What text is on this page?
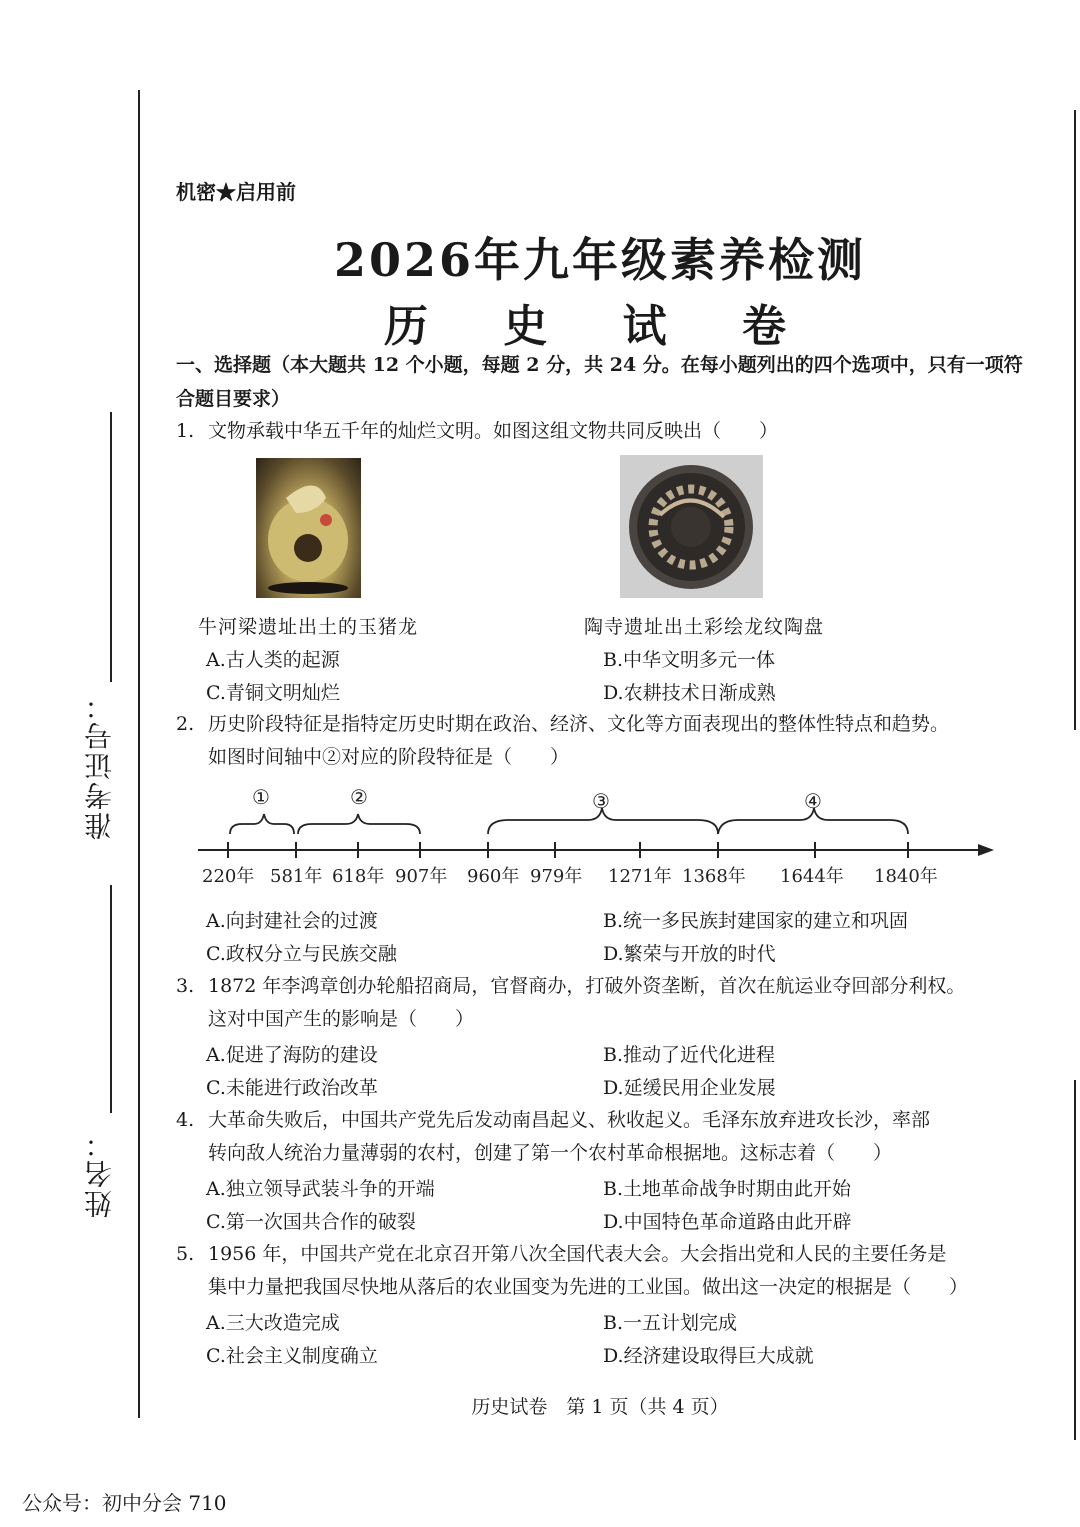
准考证号：
姓名：
机密★启用前
2026年九年级素养检测
历 史 试 卷
一、选择题（本大题共 12 个小题，每题 2 分，共 24 分。在每小题列出的四个选项中，只有一项符合题目要求）
1. 文物承载中华五千年的灿烂文明。如图这组文物共同反映出（　　）
牛河梁遗址出土的玉猪龙	陶寺遗址出土彩绘龙纹陶盘
A.古人类的起源	B.中华文明多元一体
C.青铜文明灿烂	D.农耕技术日渐成熟
2. 历史阶段特征是指特定历史时期在政治、经济、文化等方面表现出的整体性特点和趋势。
如图时间轴中②对应的阶段特征是（　　）
①	②	③	④
220年 581年 618年 907年 960年 979年 1271年 1368年 1644年 1840年
A.向封建社会的过渡	B.统一多民族封建国家的建立和巩固
C.政权分立与民族交融	D.繁荣与开放的时代
3. 1872 年李鸿章创办轮船招商局，官督商办，打破外资垄断，首次在航运业夺回部分利权。
这对中国产生的影响是（　　）
A.促进了海防的建设	B.推动了近代化进程
C.未能进行政治改革	D.延缓民用企业发展
4. 大革命失败后，中国共产党先后发动南昌起义、秋收起义。毛泽东放弃进攻长沙，率部
转向敌人统治力量薄弱的农村，创建了第一个农村革命根据地。这标志着（　　）
A.独立领导武装斗争的开端	B.土地革命战争时期由此开始
C.第一次国共合作的破裂	D.中国特色革命道路由此开辟
5. 1956 年，中国共产党在北京召开第八次全国代表大会。大会指出党和人民的主要任务是
集中力量把我国尽快地从落后的农业国变为先进的工业国。做出这一决定的根据是（　　）
A.三大改造完成	B.一五计划完成
C.社会主义制度确立	D.经济建设取得巨大成就
历史试卷　第 1 页（共 4 页）
公众号：初中分会 710
